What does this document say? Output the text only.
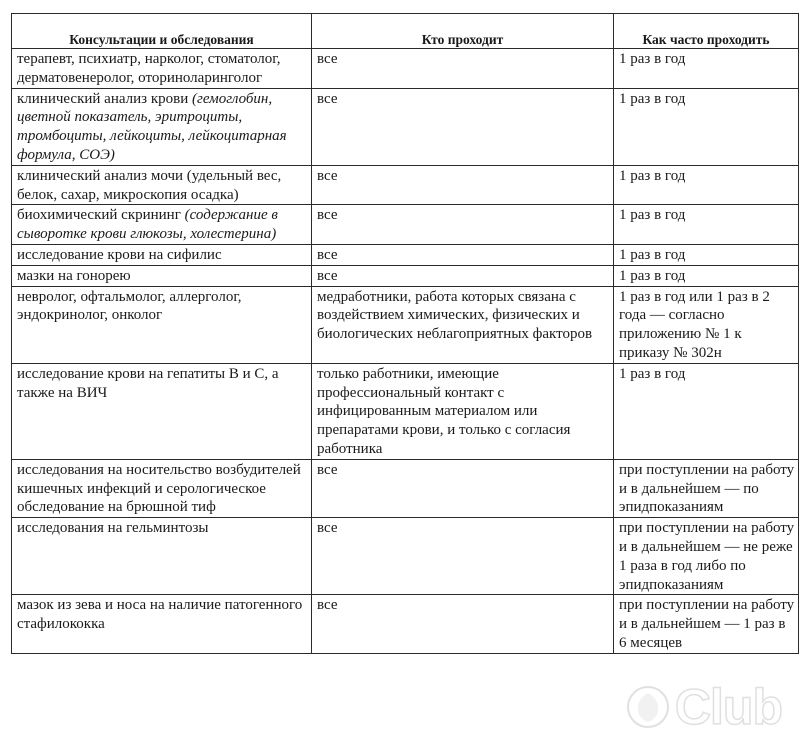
Консультации и обследования	Кто проходит	Как часто проходить
терапевт, психиатр, нарколог, стоматолог, дерматовенеролог, оториноларинголог	все	1 раз в год
клинический анализ крови (гемоглобин, цветной показатель, эритроциты, тромбоциты, лейкоциты, лейкоцитарная формула, СОЭ)	все	1 раз в год
клинический анализ мочи (удельный вес, белок, сахар, микроскопия осадка)	все	1 раз в год
биохимический скрининг (содержание в сыворотке крови глюкозы, холестерина)	все	1 раз в год
исследование крови на сифилис	все	1 раз в год
мазки на гонорею	все	1 раз в год
невролог, офтальмолог, аллерголог, эндокринолог, онколог	медработники, работа которых связана с воздействием химических, физических и биологических неблагоприятных факторов	1 раз в год или 1 раз в 2 года — согласно приложению № 1 к приказу № 302н
исследование крови на гепатиты В и С, а также на ВИЧ	только работники, имеющие профессиональный контакт с инфицированным материалом или препаратами крови, и только с согласия работника	1 раз в год
исследования на носительство возбудителей кишечных инфекций и серологическое обследование на брюшной тиф	все	при поступлении на работу и в дальнейшем — по эпидпоказаниям
исследования на гельминтозы	все	при поступлении на работу и в дальнейшем — не реже 1 раза в год либо по эпидпоказаниям
мазок из зева и носа на наличие патогенного стафилококка	все	при поступлении на работу и в дальнейшем — 1 раз в 6 месяцев
Club
